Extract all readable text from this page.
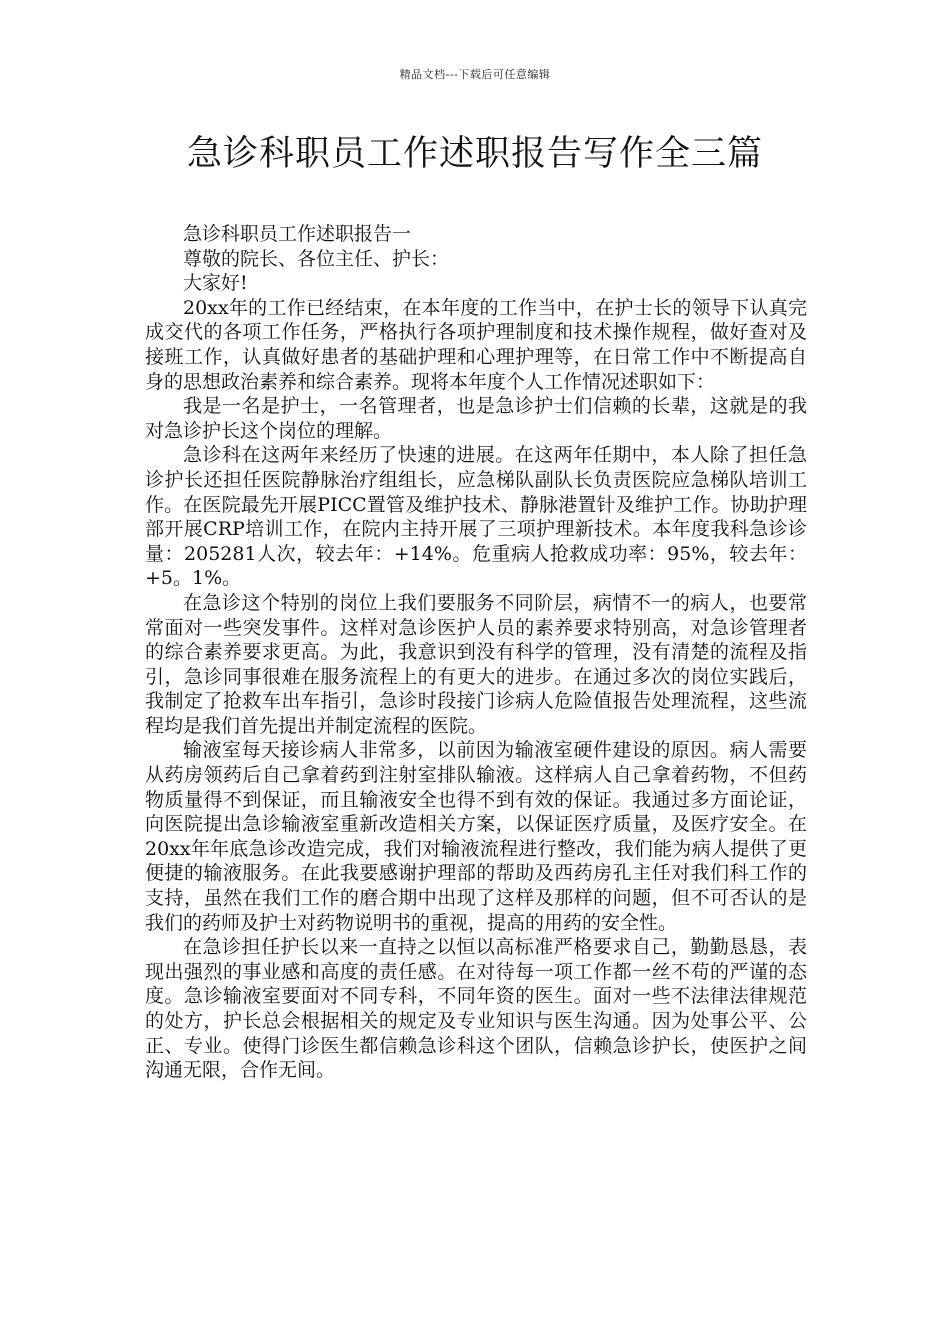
精品文档---下载后可任意编辑
急诊科职员工作述职报告写作全三篇

急诊科职员工作述职报告一

尊敬的院长、各位主任、护长：

大家好!

20xx年的工作已经结束，在本年度的工作当中，在护士长的领导下认真完成交代的各项工作任务，严格执行各项护理制度和技术操作规程，做好查对及接班工作，认真做好患者的基础护理和心理护理等，在日常工作中不断提高自身的思想政治素养和综合素养。现将本年度个人工作情况述职如下：

我是一名是护士，一名管理者，也是急诊护士们信赖的长辈，这就是的我对急诊护长这个岗位的理解。

急诊科在这两年来经历了快速的进展。在这两年任期中，本人除了担任急诊护长还担任医院静脉治疗组组长，应急梯队副队长负责医院应急梯队培训工作。在医院最先开展PICC置管及维护技术、静脉港置针及维护工作。协助护理部开展CRP培训工作，在院内主持开展了三项护理新技术。本年度我科急诊诊量：205281人次，较去年：+14%。危重病人抢救成功率：95%，较去年：+5。1%。

在急诊这个特别的岗位上我们要服务不同阶层，病情不一的病人，也要常常面对一些突发事件。这样对急诊医护人员的素养要求特别高，对急诊管理者的综合素养要求更高。为此，我意识到没有科学的管理，没有清楚的流程及指引，急诊同事很难在服务流程上的有更大的进步。在通过多次的岗位实践后，我制定了抢救车出车指引，急诊时段接门诊病人危险值报告处理流程，这些流程均是我们首先提出并制定流程的医院。

输液室每天接诊病人非常多，以前因为输液室硬件建设的原因。病人需要从药房领药后自己拿着药到注射室排队输液。这样病人自己拿着药物，不但药物质量得不到保证，而且输液安全也得不到有效的保证。我通过多方面论证，向医院提出急诊输液室重新改造相关方案，以保证医疗质量，及医疗安全。在20xx年年底急诊改造完成，我们对输液流程进行整改，我们能为病人提供了更便捷的输液服务。在此我要感谢护理部的帮助及西药房孔主任对我们科工作的支持，虽然在我们工作的磨合期中出现了这样及那样的问题，但不可否认的是我们的药师及护士对药物说明书的重视，提高的用药的安全性。

在急诊担任护长以来一直持之以恒以高标准严格要求自己，勤勤恳恳，表现出强烈的事业感和高度的责任感。在对待每一项工作都一丝不苟的严谨的态度。急诊输液室要面对不同专科，不同年资的医生。面对一些不法律法律规范的处方，护长总会根据相关的规定及专业知识与医生沟通。因为处事公平、公正、专业。使得门诊医生都信赖急诊科这个团队，信赖急诊护长，使医护之间沟通无限，合作无间。
